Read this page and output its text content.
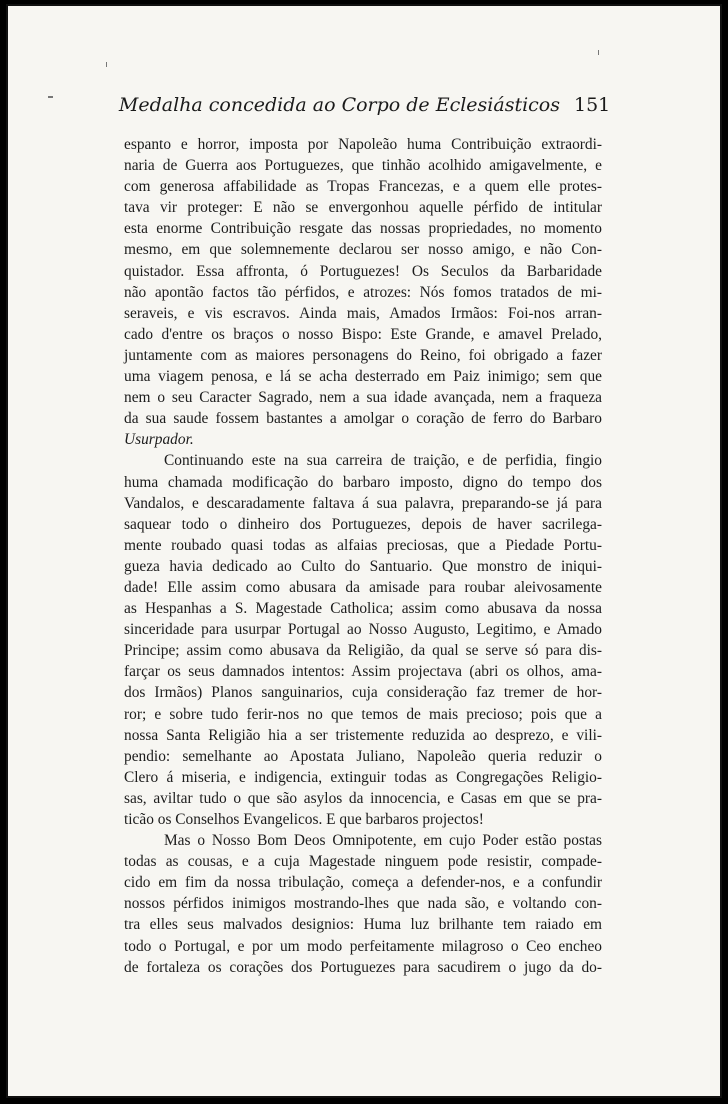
Medalha concedida ao Corpo de Eclesiásticos 151

espanto e horror, imposta por Napoleão huma Contribuição extraordi-
naria de Guerra aos Portuguezes, que tinhão acolhido amigavelmente, e
com generosa affabilidade as Tropas Francezas, e a quem elle protes-
tava vir proteger: E não se envergonhou aquelle pérfido de intitular
esta enorme Contribuição resgate das nossas propriedades, no momento
mesmo, em que solemnemente declarou ser nosso amigo, e não Con-
quistador. Essa affronta, ó Portuguezes! Os Seculos da Barbaridade
não apontão factos tão pérfidos, e atrozes: Nós fomos tratados de mi-
seraveis, e vis escravos. Ainda mais, Amados Irmãos: Foi-nos arran-
cado d'entre os braços o nosso Bispo: Este Grande, e amavel Prelado,
juntamente com as maiores personagens do Reino, foi obrigado a fazer
uma viagem penosa, e lá se acha desterrado em Paiz inimigo; sem que
nem o seu Caracter Sagrado, nem a sua idade avançada, nem a fraqueza
da sua saude fossem bastantes a amolgar o coração de ferro do Barbaro
Usurpador.

Continuando este na sua carreira de traição, e de perfidia, fingio
huma chamada modificação do barbaro imposto, digno do tempo dos
Vandalos, e descaradamente faltava á sua palavra, preparando-se já para
saquear todo o dinheiro dos Portuguezes, depois de haver sacrilega-
mente roubado quasi todas as alfaias preciosas, que a Piedade Portu-
gueza havia dedicado ao Culto do Santuario. Que monstro de iniqui-
dade! Elle assim como abusara da amisade para roubar aleivosamente
as Hespanhas a S. Magestade Catholica; assim como abusava da nossa
sinceridade para usurpar Portugal ao Nosso Augusto, Legitimo, e Amado
Principe; assim como abusava da Religião, da qual se serve só para dis-
farçar os seus damnados intentos: Assim projectava (abri os olhos, ama-
dos Irmãos) Planos sanguinarios, cuja consideração faz tremer de hor-
ror; e sobre tudo ferir-nos no que temos de mais precioso; pois que a
nossa Santa Religião hia a ser tristemente reduzida ao desprezo, e vili-
pendio: semelhante ao Apostata Juliano, Napoleão queria reduzir o
Clero á miseria, e indigencia, extinguir todas as Congregações Religio-
sas, aviltar tudo o que são asylos da innocencia, e Casas em que se pra-
ticão os Conselhos Evangelicos. E que barbaros projectos!

Mas o Nosso Bom Deos Omnipotente, em cujo Poder estão postas
todas as cousas, e a cuja Magestade ninguem pode resistir, compade-
cido em fim da nossa tribulação, começa a defender-nos, e a confundir
nossos pérfidos inimigos mostrando-lhes que nada são, e voltando con-
tra elles seus malvados designios: Huma luz brilhante tem raiado em
todo o Portugal, e por um modo perfeitamente milagroso o Ceo encheo
de fortaleza os corações dos Portuguezes para sacudirem o jugo da do-
